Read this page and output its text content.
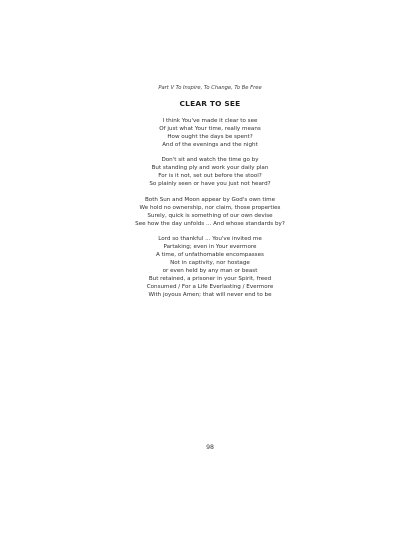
Part V To Inspire, To Change, To Be Free
CLEAR TO SEE
I think You've made it clear to see
Of just what Your time, really means
How ought the days be spent?
And of the evenings and the night
Don't sit and watch the time go by
But standing ply and work your daily plan
For is it not, set out before the stool?
So plainly seen or have you just not heard?
Both Sun and Moon appear by God's own time
We hold no ownership, nor claim, those properties
Surely, quick is something of our own devise
See how the day unfolds ... And whose standards by?
Lord so thankful ... You've invited me
Partaking; even in Your evermore
A time, of unfathomable encompasses
Not in captivity, nor hostage
or even held by any man or beast
But retained, a prisoner in your Spirit, freed
Consumed / For a Life Everlasting / Evermore
With joyous Amen; that will never end to be
98
